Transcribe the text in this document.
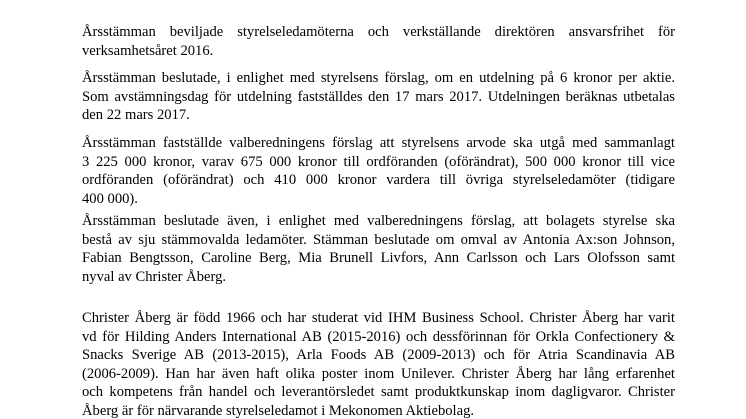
Årsstämman beviljade styrelseledamöterna och verkställande direktören ansvarsfrihet för
verksamhetsåret 2016.

Årsstämman beslutade, i enlighet med styrelsens förslag, om en utdelning på 6 kronor per aktie.
Som avstämningsdag för utdelning fastställdes den 17 mars 2017. Utdelningen beräknas utbetalas
den 22 mars 2017.

Årsstämman fastställde valberedningens förslag att styrelsens arvode ska utgå med sammanlagt
3 225 000 kronor, varav 675 000 kronor till ordföranden (oförändrat), 500 000 kronor till vice
ordföranden (oförändrat) och 410 000 kronor vardera till övriga styrelseledamöter (tidigare
400 000).

Årsstämman beslutade även, i enlighet med valberedningens förslag, att bolagets styrelse ska
bestå av sju stämmovalda ledamöter. Stämman beslutade om omval av Antonia Ax:son Johnson,
Fabian Bengtsson, Caroline Berg, Mia Brunell Livfors, Ann Carlsson och Lars Olofsson samt
nyval av Christer Åberg.

Christer Åberg är född 1966 och har studerat vid IHM Business School. Christer Åberg har varit
vd för Hilding Anders International AB (2015-2016) och dessförinnan för Orkla Confectionery &
Snacks Sverige AB (2013-2015), Arla Foods AB (2009-2013) och för Atria Scandinavia AB
(2006-2009). Han har även haft olika poster inom Unilever. Christer Åberg har lång erfarenhet
och kompetens från handel och leverantörsledet samt produktkunskap inom dagligvaror. Christer
Åberg är för närvarande styrelseledamot i Mekonomen Aktiebolag.
